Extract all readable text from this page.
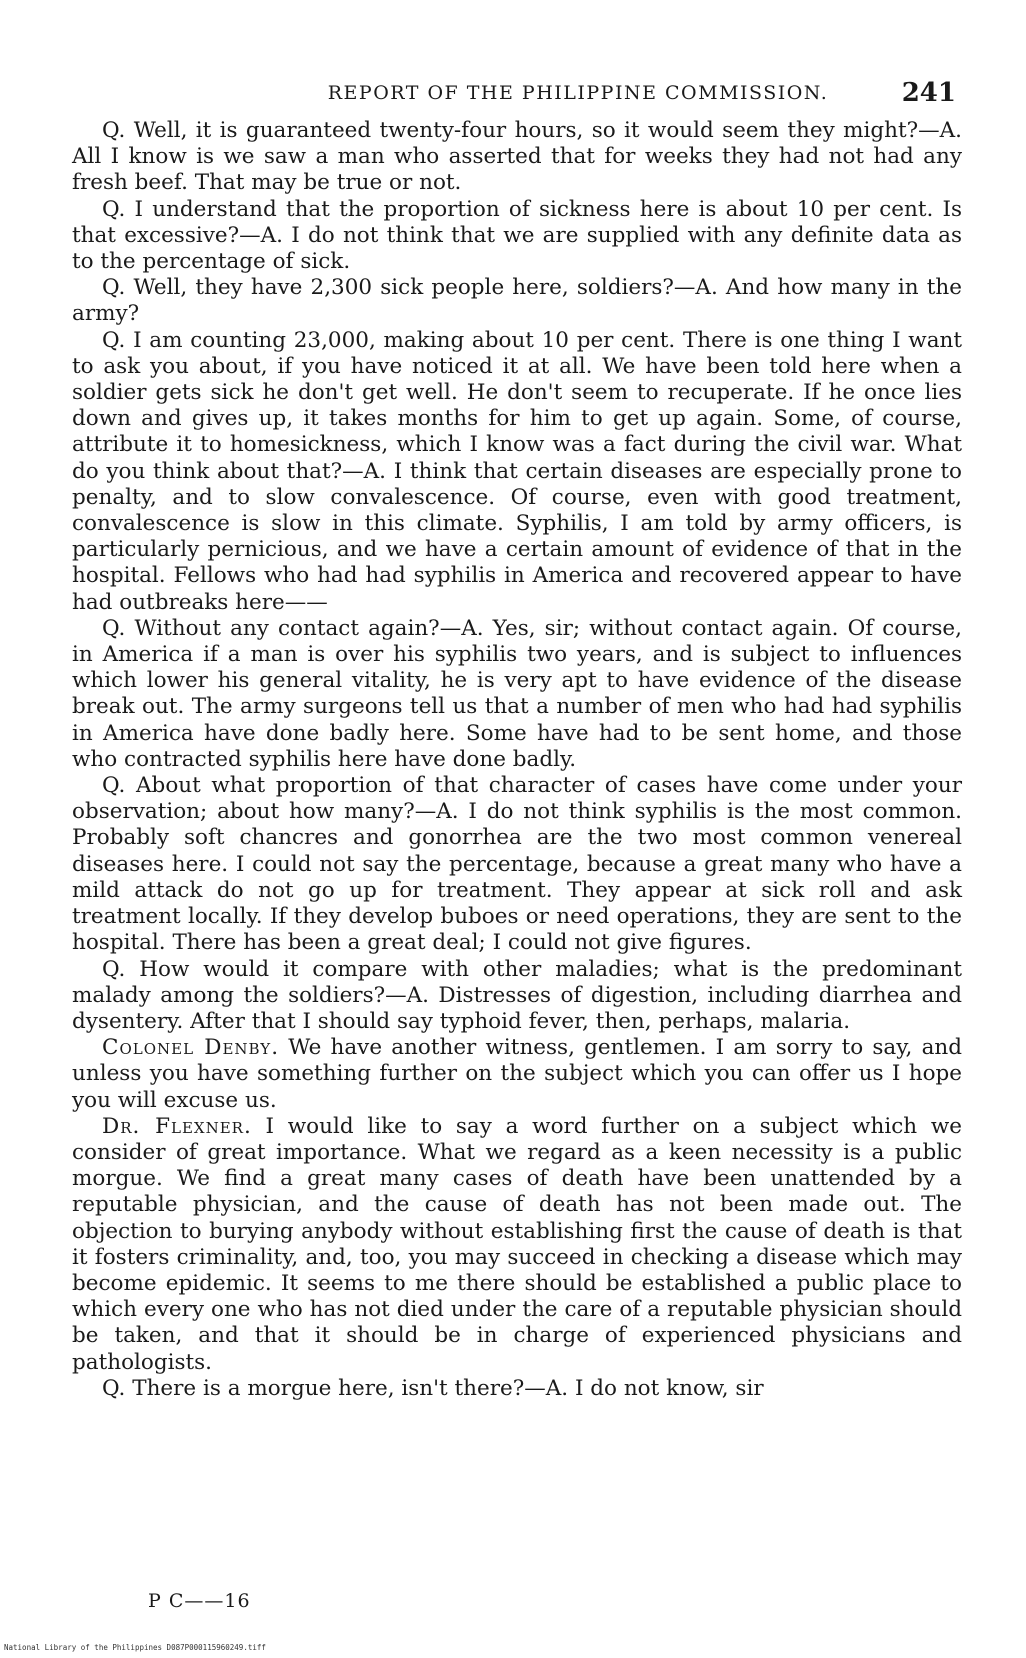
REPORT OF THE PHILIPPINE COMMISSION.	241

Q. Well, it is guaranteed twenty-four hours, so it would seem they might?—A. All I know is we saw a man who asserted that for weeks they had not had any fresh beef. That may be true or not.

Q. I understand that the proportion of sickness here is about 10 per cent. Is that excessive?—A. I do not think that we are supplied with any definite data as to the percentage of sick.

Q. Well, they have 2,300 sick people here, soldiers?—A. And how many in the army?

Q. I am counting 23,000, making about 10 per cent. There is one thing I want to ask you about, if you have noticed it at all. We have been told here when a soldier gets sick he don't get well. He don't seem to recuperate. If he once lies down and gives up, it takes months for him to get up again. Some, of course, attribute it to homesickness, which I know was a fact during the civil war. What do you think about that?—A. I think that certain diseases are especially prone to penalty, and to slow convalescence. Of course, even with good treatment, convalescence is slow in this climate. Syphilis, I am told by army officers, is particularly pernicious, and we have a certain amount of evidence of that in the hospital. Fellows who had had syphilis in America and recovered appear to have had outbreaks here——

Q. Without any contact again?—A. Yes, sir; without contact again. Of course, in America if a man is over his syphilis two years, and is subject to influences which lower his general vitality, he is very apt to have evidence of the disease break out. The army surgeons tell us that a number of men who had had syphilis in America have done badly here. Some have had to be sent home, and those who contracted syphilis here have done badly.

Q. About what proportion of that character of cases have come under your observation; about how many?—A. I do not think syphilis is the most common. Probably soft chancres and gonorrhea are the two most common venereal diseases here. I could not say the percentage, because a great many who have a mild attack do not go up for treatment. They appear at sick roll and ask treatment locally. If they develop buboes or need operations, they are sent to the hospital. There has been a great deal; I could not give figures.

Q. How would it compare with other maladies; what is the predominant malady among the soldiers?—A. Distresses of digestion, including diarrhea and dysentery. After that I should say typhoid fever, then, perhaps, malaria.

Colonel Denby. We have another witness, gentlemen. I am sorry to say, and unless you have something further on the subject which you can offer us I hope you will excuse us.

Dr. Flexner. I would like to say a word further on a subject which we consider of great importance. What we regard as a keen necessity is a public morgue. We find a great many cases of death have been unattended by a reputable physician, and the cause of death has not been made out. The objection to burying anybody without establishing first the cause of death is that it fosters criminality, and, too, you may succeed in checking a disease which may become epidemic. It seems to me there should be established a public place to which every one who has not died under the care of a reputable physician should be taken, and that it should be in charge of experienced physicians and pathologists.

Q. There is a morgue here, isn't there?—A. I do not know, sir

P C——16
National Library of the Philippines D087P000115960249.tiff
